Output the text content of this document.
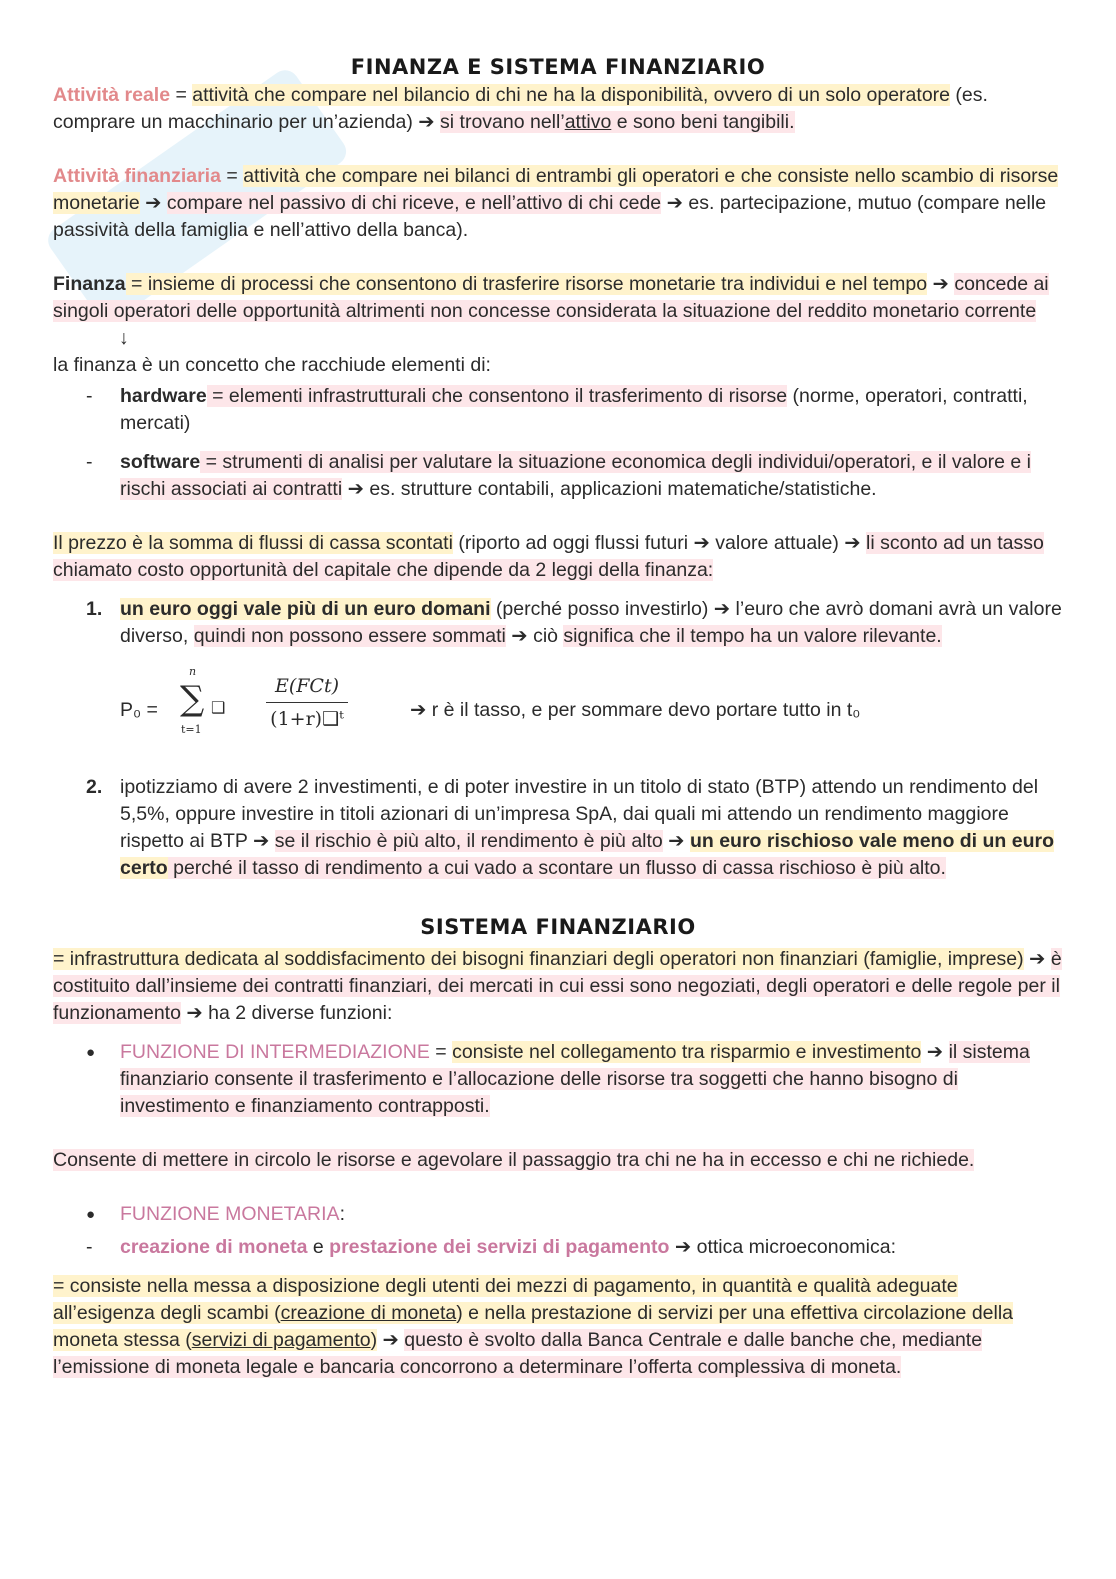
FINANZA E SISTEMA FINANZIARIO

Attività reale = attività che compare nel bilancio di chi ne ha la disponibilità, ovvero di un solo operatore (es. comprare un macchinario per un’azienda) ➔ si trovano nell’attivo e sono beni tangibili.

Attività finanziaria = attività che compare nei bilanci di entrambi gli operatori e che consiste nello scambio di risorse monetarie ➔ compare nel passivo di chi riceve, e nell’attivo di chi cede ➔ es. partecipazione, mutuo (compare nelle passività della famiglia e nell’attivo della banca).

Finanza = insieme di processi che consentono di trasferire risorse monetarie tra individui e nel tempo ➔ concede ai singoli operatori delle opportunità altrimenti non concesse considerata la situazione del reddito monetario corrente

↓

la finanza è un concetto che racchiude elementi di:

- hardware = elementi infrastrutturali che consentono il trasferimento di risorse (norme, operatori, contratti, mercati)

- software = strumenti di analisi per valutare la situazione economica degli individui/operatori, e il valore e i rischi associati ai contratti ➔ es. strutture contabili, applicazioni matematiche/statistiche.

Il prezzo è la somma di flussi di cassa scontati (riporto ad oggi flussi futuri ➔ valore attuale) ➔ li sconto ad un tasso chiamato costo opportunità del capitale che dipende da 2 leggi della finanza:

1. un euro oggi vale più di un euro domani (perché posso investirlo) ➔ l’euro che avrò domani avrà un valore diverso, quindi non possono essere sommati ➔ ciò significa che il tempo ha un valore rilevante.

P₀ =
n
∑
t=1
❑
E(FCt)
(1+r)❑ᵗ	➔ r è il tasso, e per sommare devo portare tutto in t₀

2. ipotizziamo di avere 2 investimenti, e di poter investire in un titolo di stato (BTP) attendo un rendimento del 5,5%, oppure investire in titoli azionari di un’impresa SpA, dai quali mi attendo un rendimento maggiore rispetto ai BTP ➔ se il rischio è più alto, il rendimento è più alto ➔ un euro rischioso vale meno di un euro certo perché il tasso di rendimento a cui vado a scontare un flusso di cassa rischioso è più alto.

SISTEMA FINANZIARIO

= infrastruttura dedicata al soddisfacimento dei bisogni finanziari degli operatori non finanziari (famiglie, imprese) ➔ è costituito dall’insieme dei contratti finanziari, dei mercati in cui essi sono negoziati, degli operatori e delle regole per il funzionamento ➔ ha 2 diverse funzioni:

● FUNZIONE DI INTERMEDIAZIONE = consiste nel collegamento tra risparmio e investimento ➔ il sistema finanziario consente il trasferimento e l’allocazione delle risorse tra soggetti che hanno bisogno di investimento e finanziamento contrapposti.

Consente di mettere in circolo le risorse e agevolare il passaggio tra chi ne ha in eccesso e chi ne richiede.

● FUNZIONE MONETARIA:

- creazione di moneta e prestazione dei servizi di pagamento ➔ ottica microeconomica:

= consiste nella messa a disposizione degli utenti dei mezzi di pagamento, in quantità e qualità adeguate all’esigenza degli scambi (creazione di moneta) e nella prestazione di servizi per una effettiva circolazione della moneta stessa (servizi di pagamento) ➔ questo è svolto dalla Banca Centrale e dalle banche che, mediante l’emissione di moneta legale e bancaria concorrono a determinare l’offerta complessiva di moneta.
